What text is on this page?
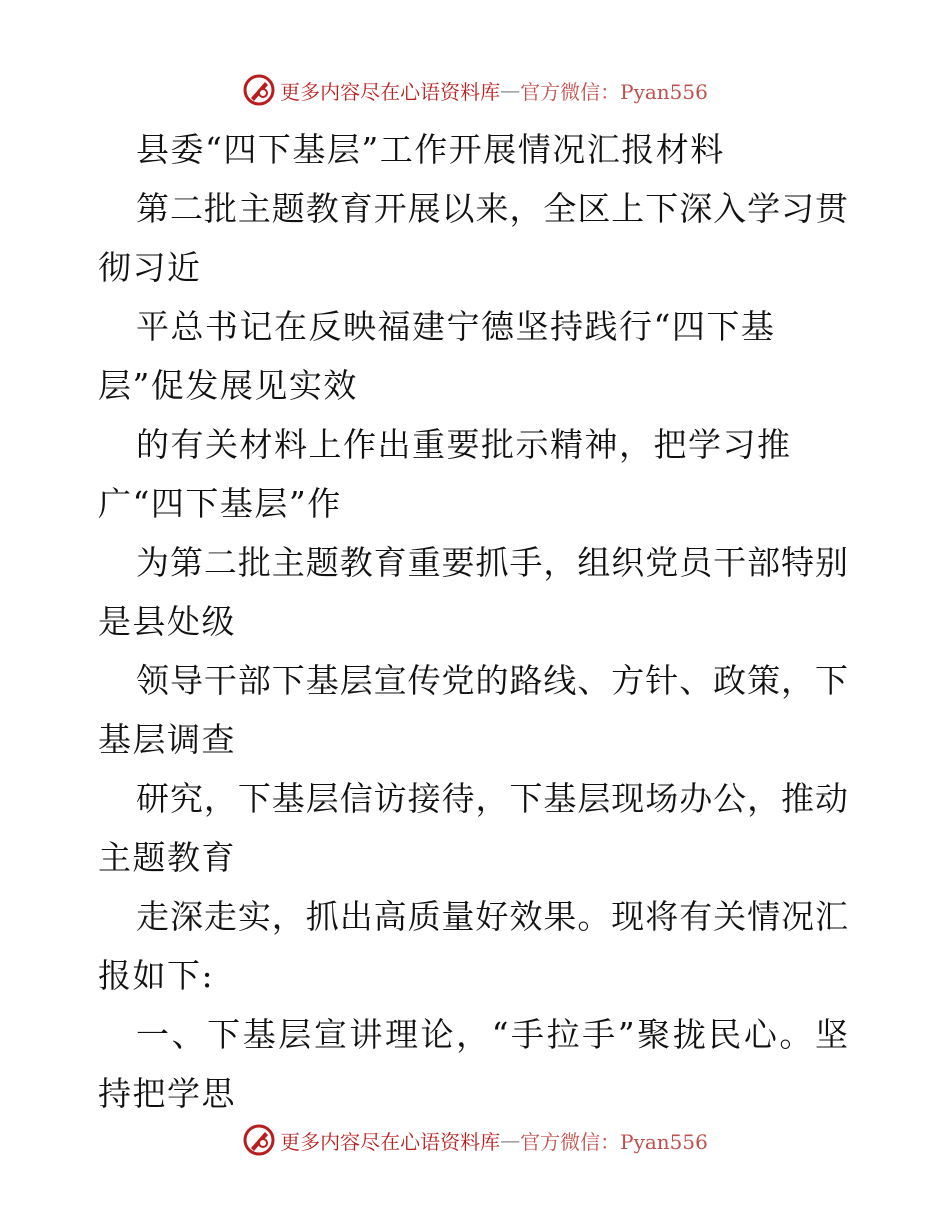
更多内容尽在心语资料库 — 官方微信：Pyan556
县委“四下基层”工作开展情况汇报材料
第二批主题教育开展以来，全区上下深入学习贯
彻习近
平总书记在反映福建宁德坚持践行“四下基
层”促发展见实效
的有关材料上作出重要批示精神，把学习推
广“四下基层”作
为第二批主题教育重要抓手，组织党员干部特别
是县处级
领导干部下基层宣传党的路线、方针、政策，下
基层调查
研究，下基层信访接待，下基层现场办公，推动
主题教育
走深走实，抓出高质量好效果。现将有关情况汇
报如下:
一、下基层宣讲理论，“手拉手”聚拢民心。坚
持把学思
更多内容尽在心语资料库 — 官方微信：Pyan556
